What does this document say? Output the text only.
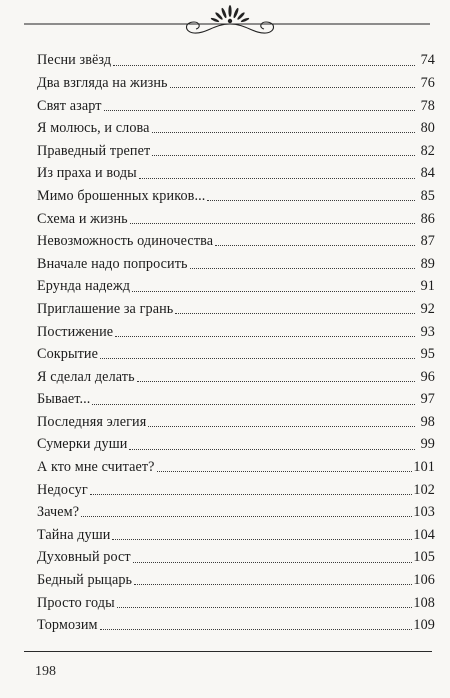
Песни звёзд	74
Два взгляда на жизнь	76
Свят азарт	78
Я молюсь, и слова	80
Праведный трепет	82
Из праха и воды	84
Мимо брошенных криков...	85
Схема и жизнь	86
Невозможность одиночества	87
Вначале надо попросить	89
Ерунда надежд	91
Приглашение за грань	92
Постижение	93
Сокрытие	95
Я сделал делать	96
Бывает...	97
Последняя элегия	98
Сумерки души	99
А кто мне считает?	101
Недосуг	102
Зачем?	103
Тайна души	104
Духовный рост	105
Бедный рыцарь	106
Просто годы	108
Тормозим	109
198
